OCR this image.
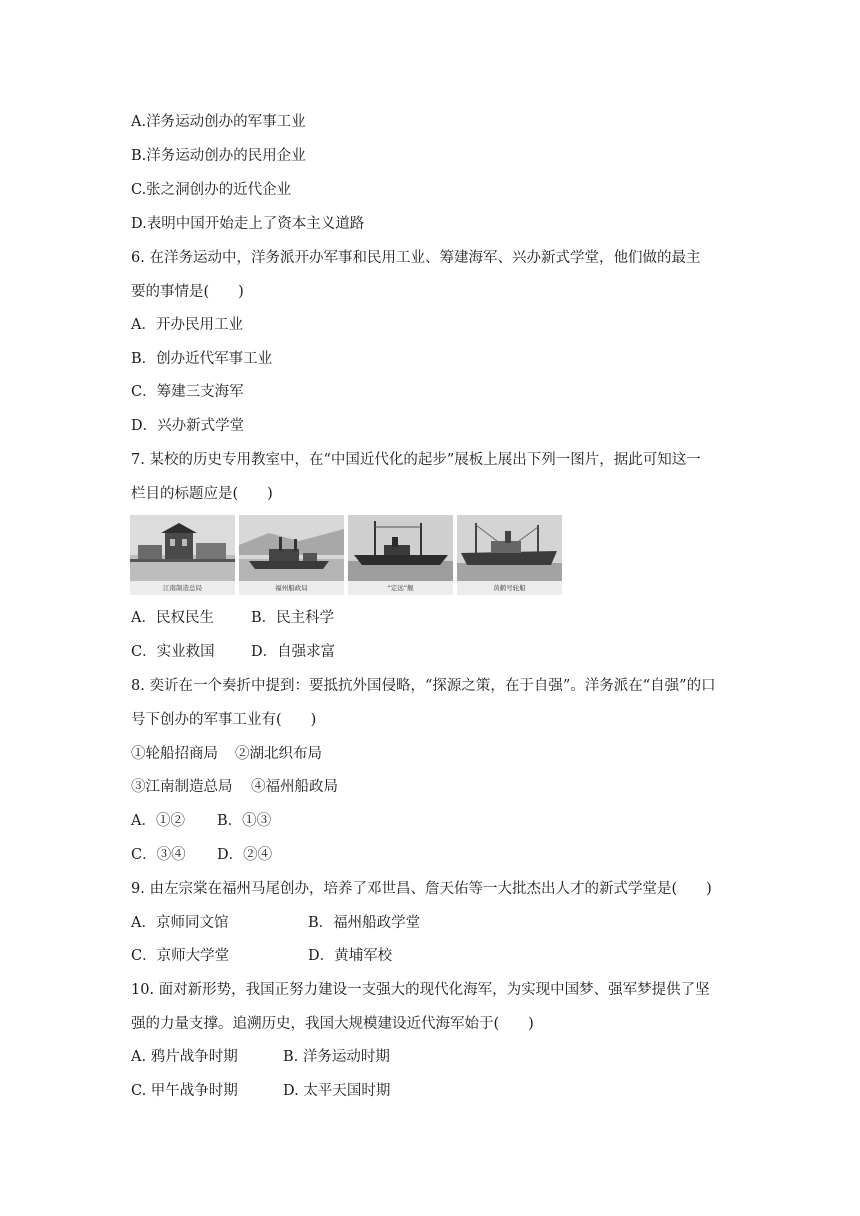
A.洋务运动创办的军事工业
B.洋务运动创办的民用企业
C.张之洞创办的近代企业
D.表明中国开始走上了资本主义道路
6. 在洋务运动中，洋务派开办军事和民用工业、筹建海军、兴办新式学堂，他们做的最主
要的事情是(　　)
A．开办民用工业
B．创办近代军事工业
C．筹建三支海军
D．兴办新式学堂
7. 某校的历史专用教室中，在“中国近代化的起步”展板上展出下列一图片，据此可知这一
栏目的标题应是(　　)
江南制造总局	福州船政局	“定远”舰	黄鹤号轮船
A．民权民生	B．民主科学
C．实业救国	D．自强求富
8. 奕䜣在一个奏折中提到：要抵抗外国侵略，“探源之策，在于自强”。洋务派在“自强”的口
号下创办的军事工业有(　　)
①轮船招商局 ②湖北织布局
③江南制造总局 ④福州船政局
A．①② B．①③
C．③④ D．②④
9. 由左宗棠在福州马尾创办，培养了邓世昌、詹天佑等一大批杰出人才的新式学堂是(　　)
A．京师同文馆	B．福州船政学堂
C．京师大学堂	D．黄埔军校
10. 面对新形势，我国正努力建设一支强大的现代化海军，为实现中国梦、强军梦提供了坚
强的力量支撑。追溯历史，我国大规模建设近代海军始于(　　)
A. 鸦片战争时期	B. 洋务运动时期
C. 甲午战争时期	D. 太平天国时期
